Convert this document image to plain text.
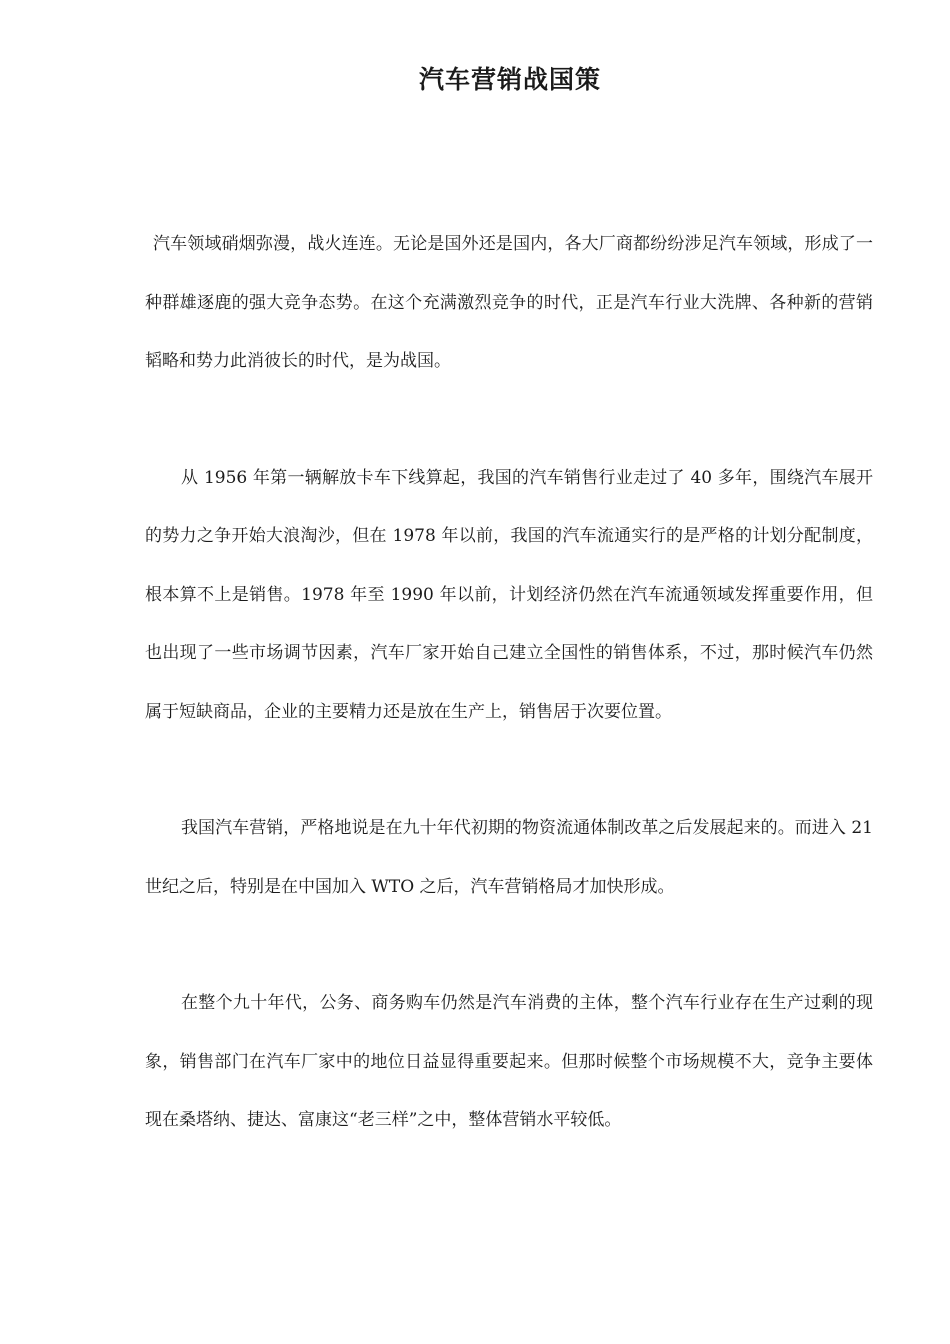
汽车营销战国策

汽车领域硝烟弥漫，战火连连。无论是国外还是国内，各大厂商都纷纷涉足汽车领域，形成了一种群雄逐鹿的强大竞争态势。在这个充满激烈竞争的时代，正是汽车行业大洗牌、各种新的营销韬略和势力此消彼长的时代，是为战国。

从 1956 年第一辆解放卡车下线算起，我国的汽车销售行业走过了 40 多年，围绕汽车展开的势力之争开始大浪淘沙，但在 1978 年以前，我国的汽车流通实行的是严格的计划分配制度，根本算不上是销售。1978 年至 1990 年以前，计划经济仍然在汽车流通领域发挥重要作用，但也出现了一些市场调节因素，汽车厂家开始自己建立全国性的销售体系，不过，那时候汽车仍然属于短缺商品，企业的主要精力还是放在生产上，销售居于次要位置。

我国汽车营销，严格地说是在九十年代初期的物资流通体制改革之后发展起来的。而进入 21 世纪之后，特别是在中国加入 WTO 之后，汽车营销格局才加快形成。

在整个九十年代，公务、商务购车仍然是汽车消费的主体，整个汽车行业存在生产过剩的现象，销售部门在汽车厂家中的地位日益显得重要起来。但那时候整个市场规模不大，竞争主要体现在桑塔纳、捷达、富康这“老三样”之中，整体营销水平较低。
